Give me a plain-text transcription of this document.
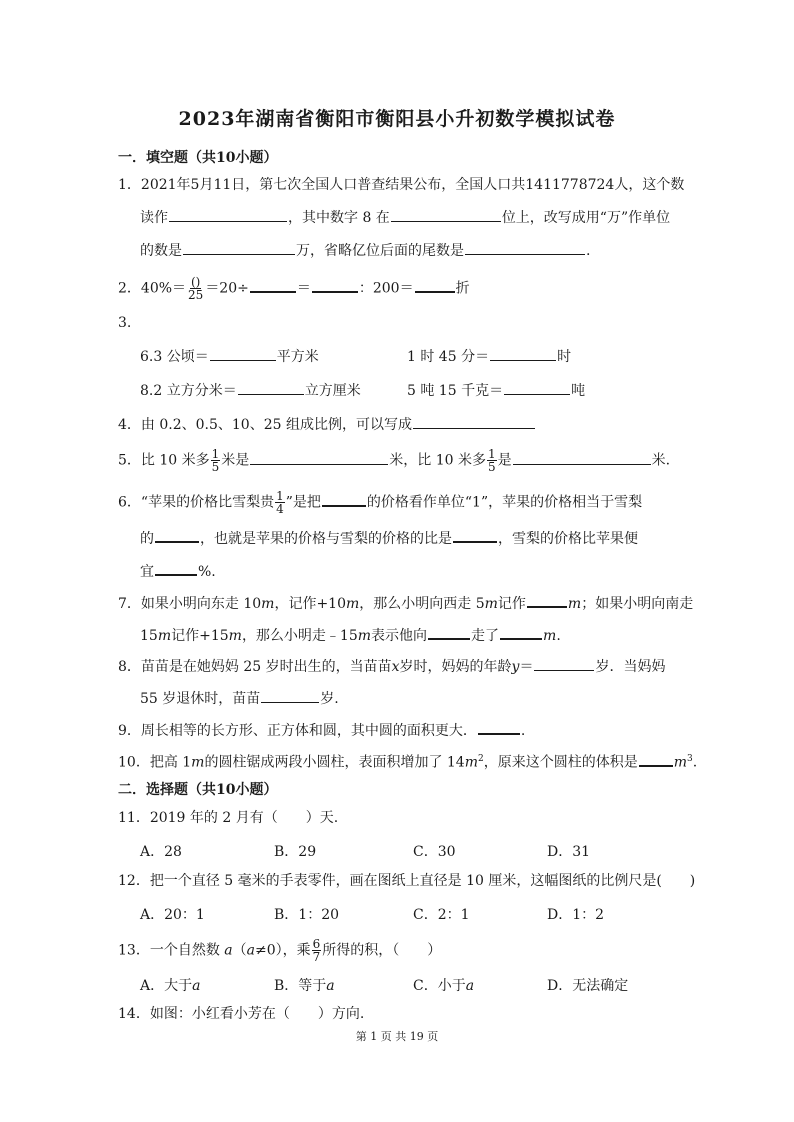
2023年湖南省衡阳市衡阳县小升初数学模拟试卷
一．填空题（共10小题）
1．2021年5月11日，第七次全国人口普查结果公布，全国人口共1411778724人，这个数
读作	，其中数字 8 在	位上，改写成用“万”作单位
的数是	万，省略亿位后面的尾数是	.
2．$40\%= \frac{()}{25} =20\div$	＝	：200＝	折
3.
6.3 公顷＝	平方米	1 时 45 分＝	时
8.2 立方分米＝	立方厘米	5 吨 15 千克＝	吨
4．由 0.2、0.5、10、25 组成比例，可以写成
5．比 10 米多 $\frac{1}{5}$ 米是	米，比 10 米多 $\frac{1}{5}$ 是	米.
6．“苹果的价格比雪梨贵 $\frac{1}{4}$ ”是把	的价格看作单位“1”，苹果的价格相当于雪梨
的	，也就是苹果的价格与雪梨的价格的比是	，雪梨的价格比苹果便
宜	%.
7．如果小明向东走 10m，记作+10m，那么小明向西走 5m记作	m；如果小明向南走
15m记作+15m，那么小明走﹣15m表示他向	走了	m.
8．苗苗是在她妈妈 25 岁时出生的，当苗苗x岁时，妈妈的年龄y＝	岁．当妈妈
55 岁退休时，苗苗	岁.
9．周长相等的长方形、正方体和圆，其中圆的面积更大．	.
10．把高 1m的圆柱锯成两段小圆柱，表面积增加了 $14m^2$，原来这个圆柱的体积是	$m^3$.
二．选择题（共10小题）
11．2019 年的 2 月有（　　）天.
A．28	B．29	C．30	D．31
12．把一个直径 5 毫米的手表零件，画在图纸上直径是 10 厘米，这幅图纸的比例尺是(　　)
A．20：1	B．1：20	C．2：1	D．1：2
13．一个自然数 a（a≠0），乘 $\frac{6}{7}$ 所得的积，（　　）
A．大于a	B．等于a	C．小于a	D．无法确定
14．如图：小红看小芳在（　　）方向.
第 1 页 共 19 页
